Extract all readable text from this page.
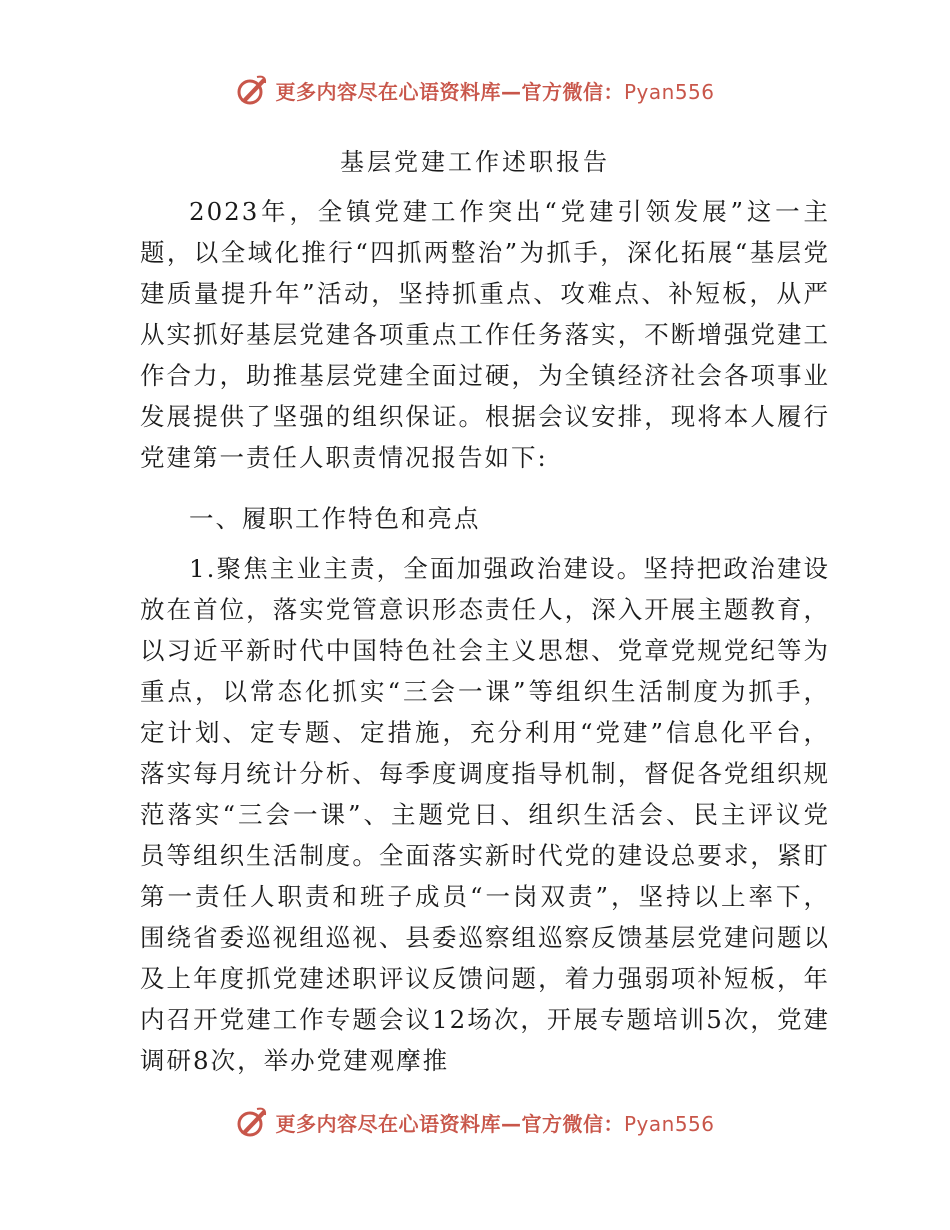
更多内容尽在心语资料库—官方微信：Pyan556
基层党建工作述职报告

2023年，全镇党建工作突出“党建引领发展”这一主题，以全域化推行“四抓两整治”为抓手，深化拓展“基层党建质量提升年”活动，坚持抓重点、攻难点、补短板，从严从实抓好基层党建各项重点工作任务落实，不断增强党建工作合力，助推基层党建全面过硬，为全镇经济社会各项事业发展提供了坚强的组织保证。根据会议安排，现将本人履行党建第一责任人职责情况报告如下:

一、履职工作特色和亮点

1.聚焦主业主责，全面加强政治建设。坚持把政治建设放在首位，落实党管意识形态责任人，深入开展主题教育，以习近平新时代中国特色社会主义思想、党章党规党纪等为重点，以常态化抓实“三会一课”等组织生活制度为抓手，定计划、定专题、定措施，充分利用“党建”信息化平台，落实每月统计分析、每季度调度指导机制，督促各党组织规范落实“三会一课”、主题党日、组织生活会、民主评议党员等组织生活制度。全面落实新时代党的建设总要求，紧盯第一责任人职责和班子成员“一岗双责”，坚持以上率下，围绕省委巡视组巡视、县委巡察组巡察反馈基层党建问题以及上年度抓党建述职评议反馈问题，着力强弱项补短板，年内召开党建工作专题会议12场次，开展专题培训5次，党建调研8次，举办党建观摩推

更多内容尽在心语资料库—官方微信：Pyan556
